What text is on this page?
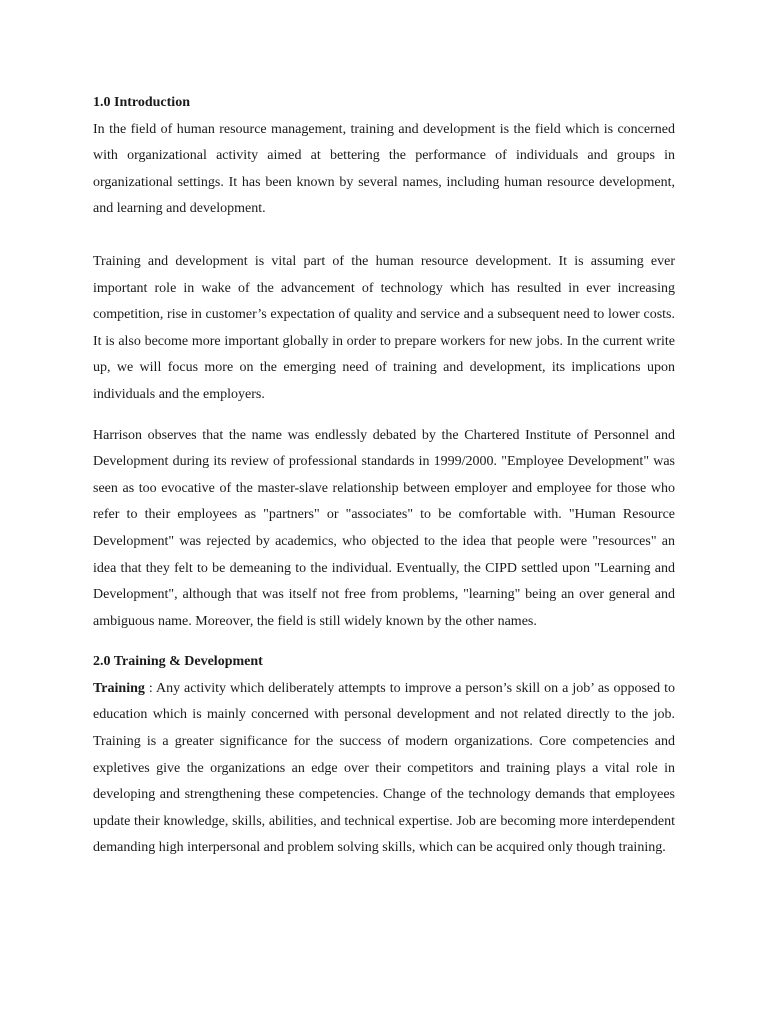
1.0 Introduction

In the field of human resource management, training and development is the field which is concerned with organizational activity aimed at bettering the performance of individuals and groups in organizational settings. It has been known by several names, including human resource development, and learning and development.

Training and development is vital part of the human resource development. It is assuming ever important role in wake of the advancement of technology which has resulted in ever increasing competition, rise in customer’s expectation of quality and service and a subsequent need to lower costs. It is also become more important globally in order to prepare workers for new jobs. In the current write up, we will focus more on the emerging need of training and development, its implications upon individuals and the employers.

Harrison observes that the name was endlessly debated by the Chartered Institute of Personnel and Development during its review of professional standards in 1999/2000. "Employee Development" was seen as too evocative of the master-slave relationship between employer and employee for those who refer to their employees as "partners" or "associates" to be comfortable with. "Human Resource Development" was rejected by academics, who objected to the idea that people were "resources" an idea that they felt to be demeaning to the individual. Eventually, the CIPD settled upon "Learning and Development", although that was itself not free from problems, "learning" being an over general and ambiguous name. Moreover, the field is still widely known by the other names.

2.0 Training & Development

Training : Any activity which deliberately attempts to improve a person’s skill on a job’ as opposed to education which is mainly concerned with personal development and not related directly to the job. Training is a greater significance for the success of modern organizations. Core competencies and expletives give the organizations an edge over their competitors and training plays a vital role in developing and strengthening these competencies. Change of the technology demands that employees update their knowledge, skills, abilities, and technical expertise. Job are becoming more interdependent demanding high interpersonal and problem solving skills, which can be acquired only though training.
